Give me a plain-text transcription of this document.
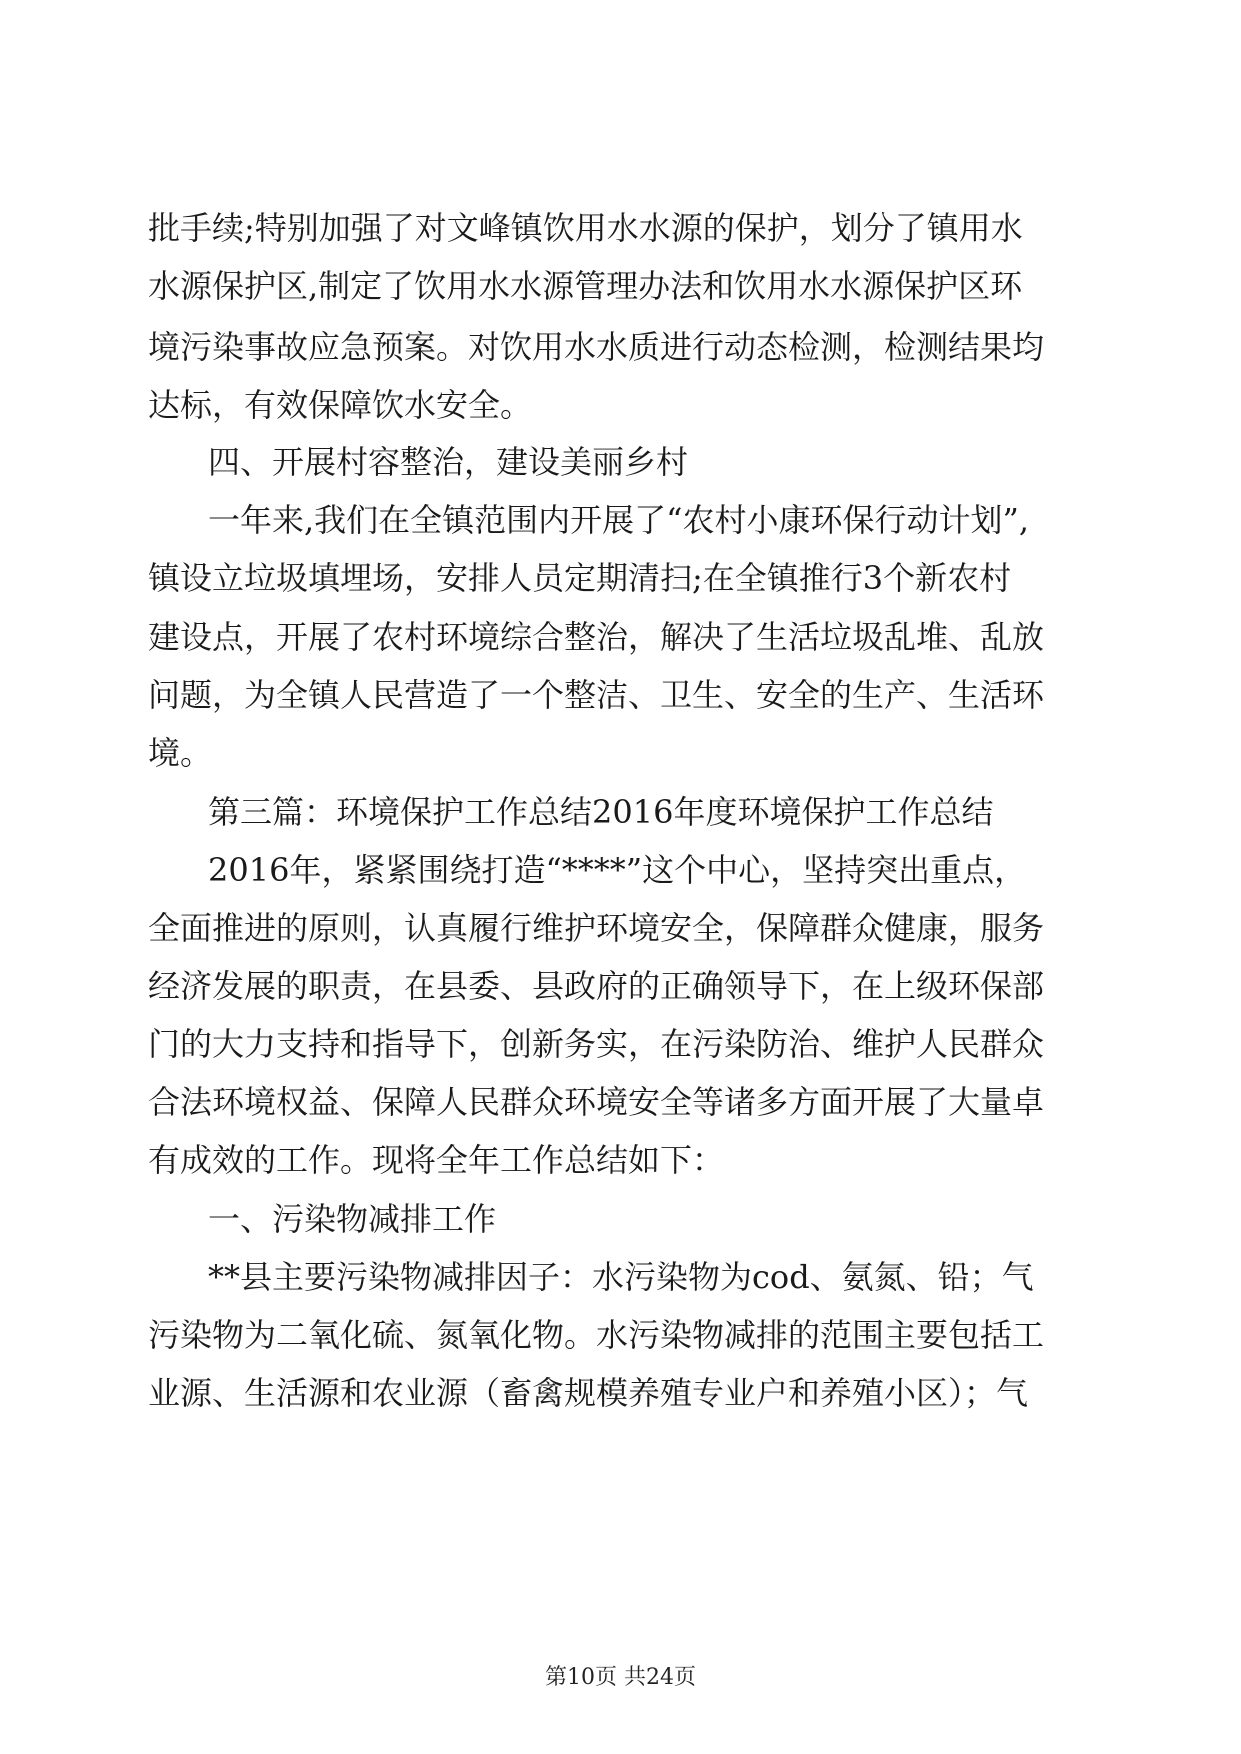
批手续;特别加强了对文峰镇饮用水水源的保护，划分了镇用水
水源保护区,制定了饮用水水源管理办法和饮用水水源保护区环
境污染事故应急预案。对饮用水水质进行动态检测，检测结果均
达标，有效保障饮水安全。
四、开展村容整治，建设美丽乡村
一年来,我们在全镇范围内开展了“农村小康环保行动计划”,
镇设立垃圾填埋场，安排人员定期清扫;在全镇推行3个新农村
建设点，开展了农村环境综合整治，解决了生活垃圾乱堆、乱放
问题，为全镇人民营造了一个整洁、卫生、安全的生产、生活环
境。
第三篇：环境保护工作总结2016年度环境保护工作总结
2016年，紧紧围绕打造“****”这个中心，坚持突出重点，
全面推进的原则，认真履行维护环境安全，保障群众健康，服务
经济发展的职责，在县委、县政府的正确领导下，在上级环保部
门的大力支持和指导下，创新务实，在污染防治、维护人民群众
合法环境权益、保障人民群众环境安全等诸多方面开展了大量卓
有成效的工作。现将全年工作总结如下：
一、污染物减排工作
**县主要污染物减排因子：水污染物为cod、氨氮、铅；气
污染物为二氧化硫、氮氧化物。水污染物减排的范围主要包括工
业源、生活源和农业源（畜禽规模养殖专业户和养殖小区）；气
第10页 共24页
